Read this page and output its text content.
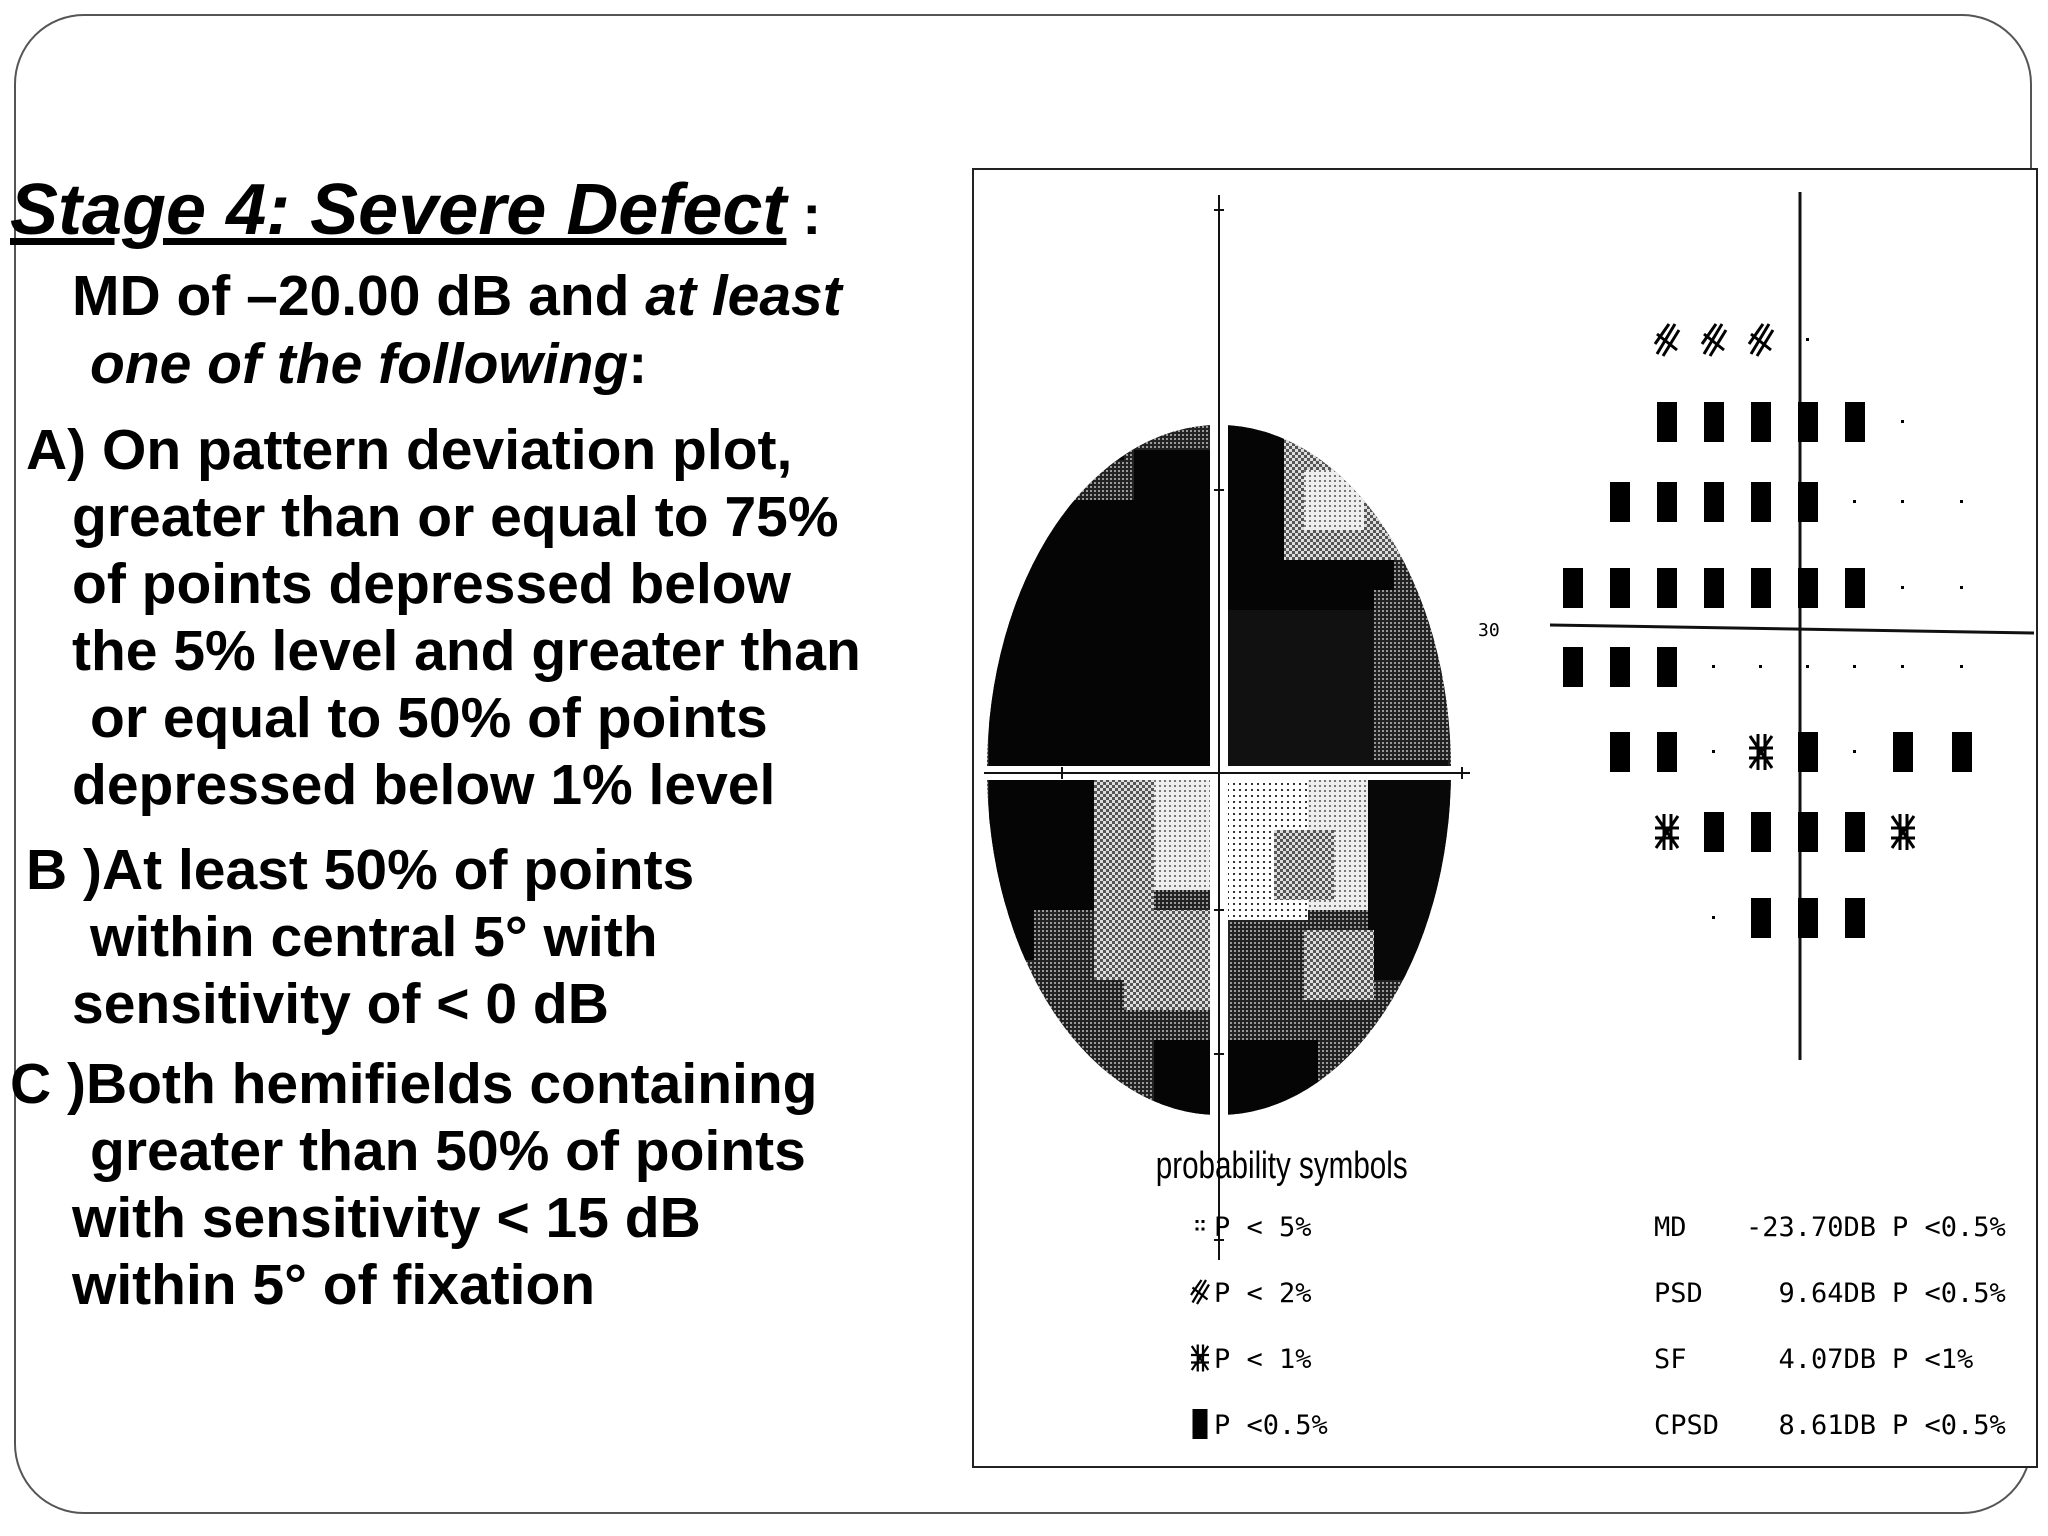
Stage 4: Severe Defect :
MD of –20.00 dB and at least
one of the following:
A) On pattern deviation plot,
greater than or equal to 75%
of points depressed below
the 5% level and greater than
or equal to 50% of points
depressed below 1% level
B )At least 50% of points
within central 5° with
sensitivity of < 0 dB
C )Both hemifields containing
greater than 50% of points
with sensitivity < 15 dB
within 5° of fixation
30
probability symbols
P < 5%
P < 2%
P < 1%
P <0.5%
MD -23.70DB P <0.5%
PSD	9.64DB P <0.5%
SF	4.07DB P <1%
CPSD 8.61DB P <0.5%
